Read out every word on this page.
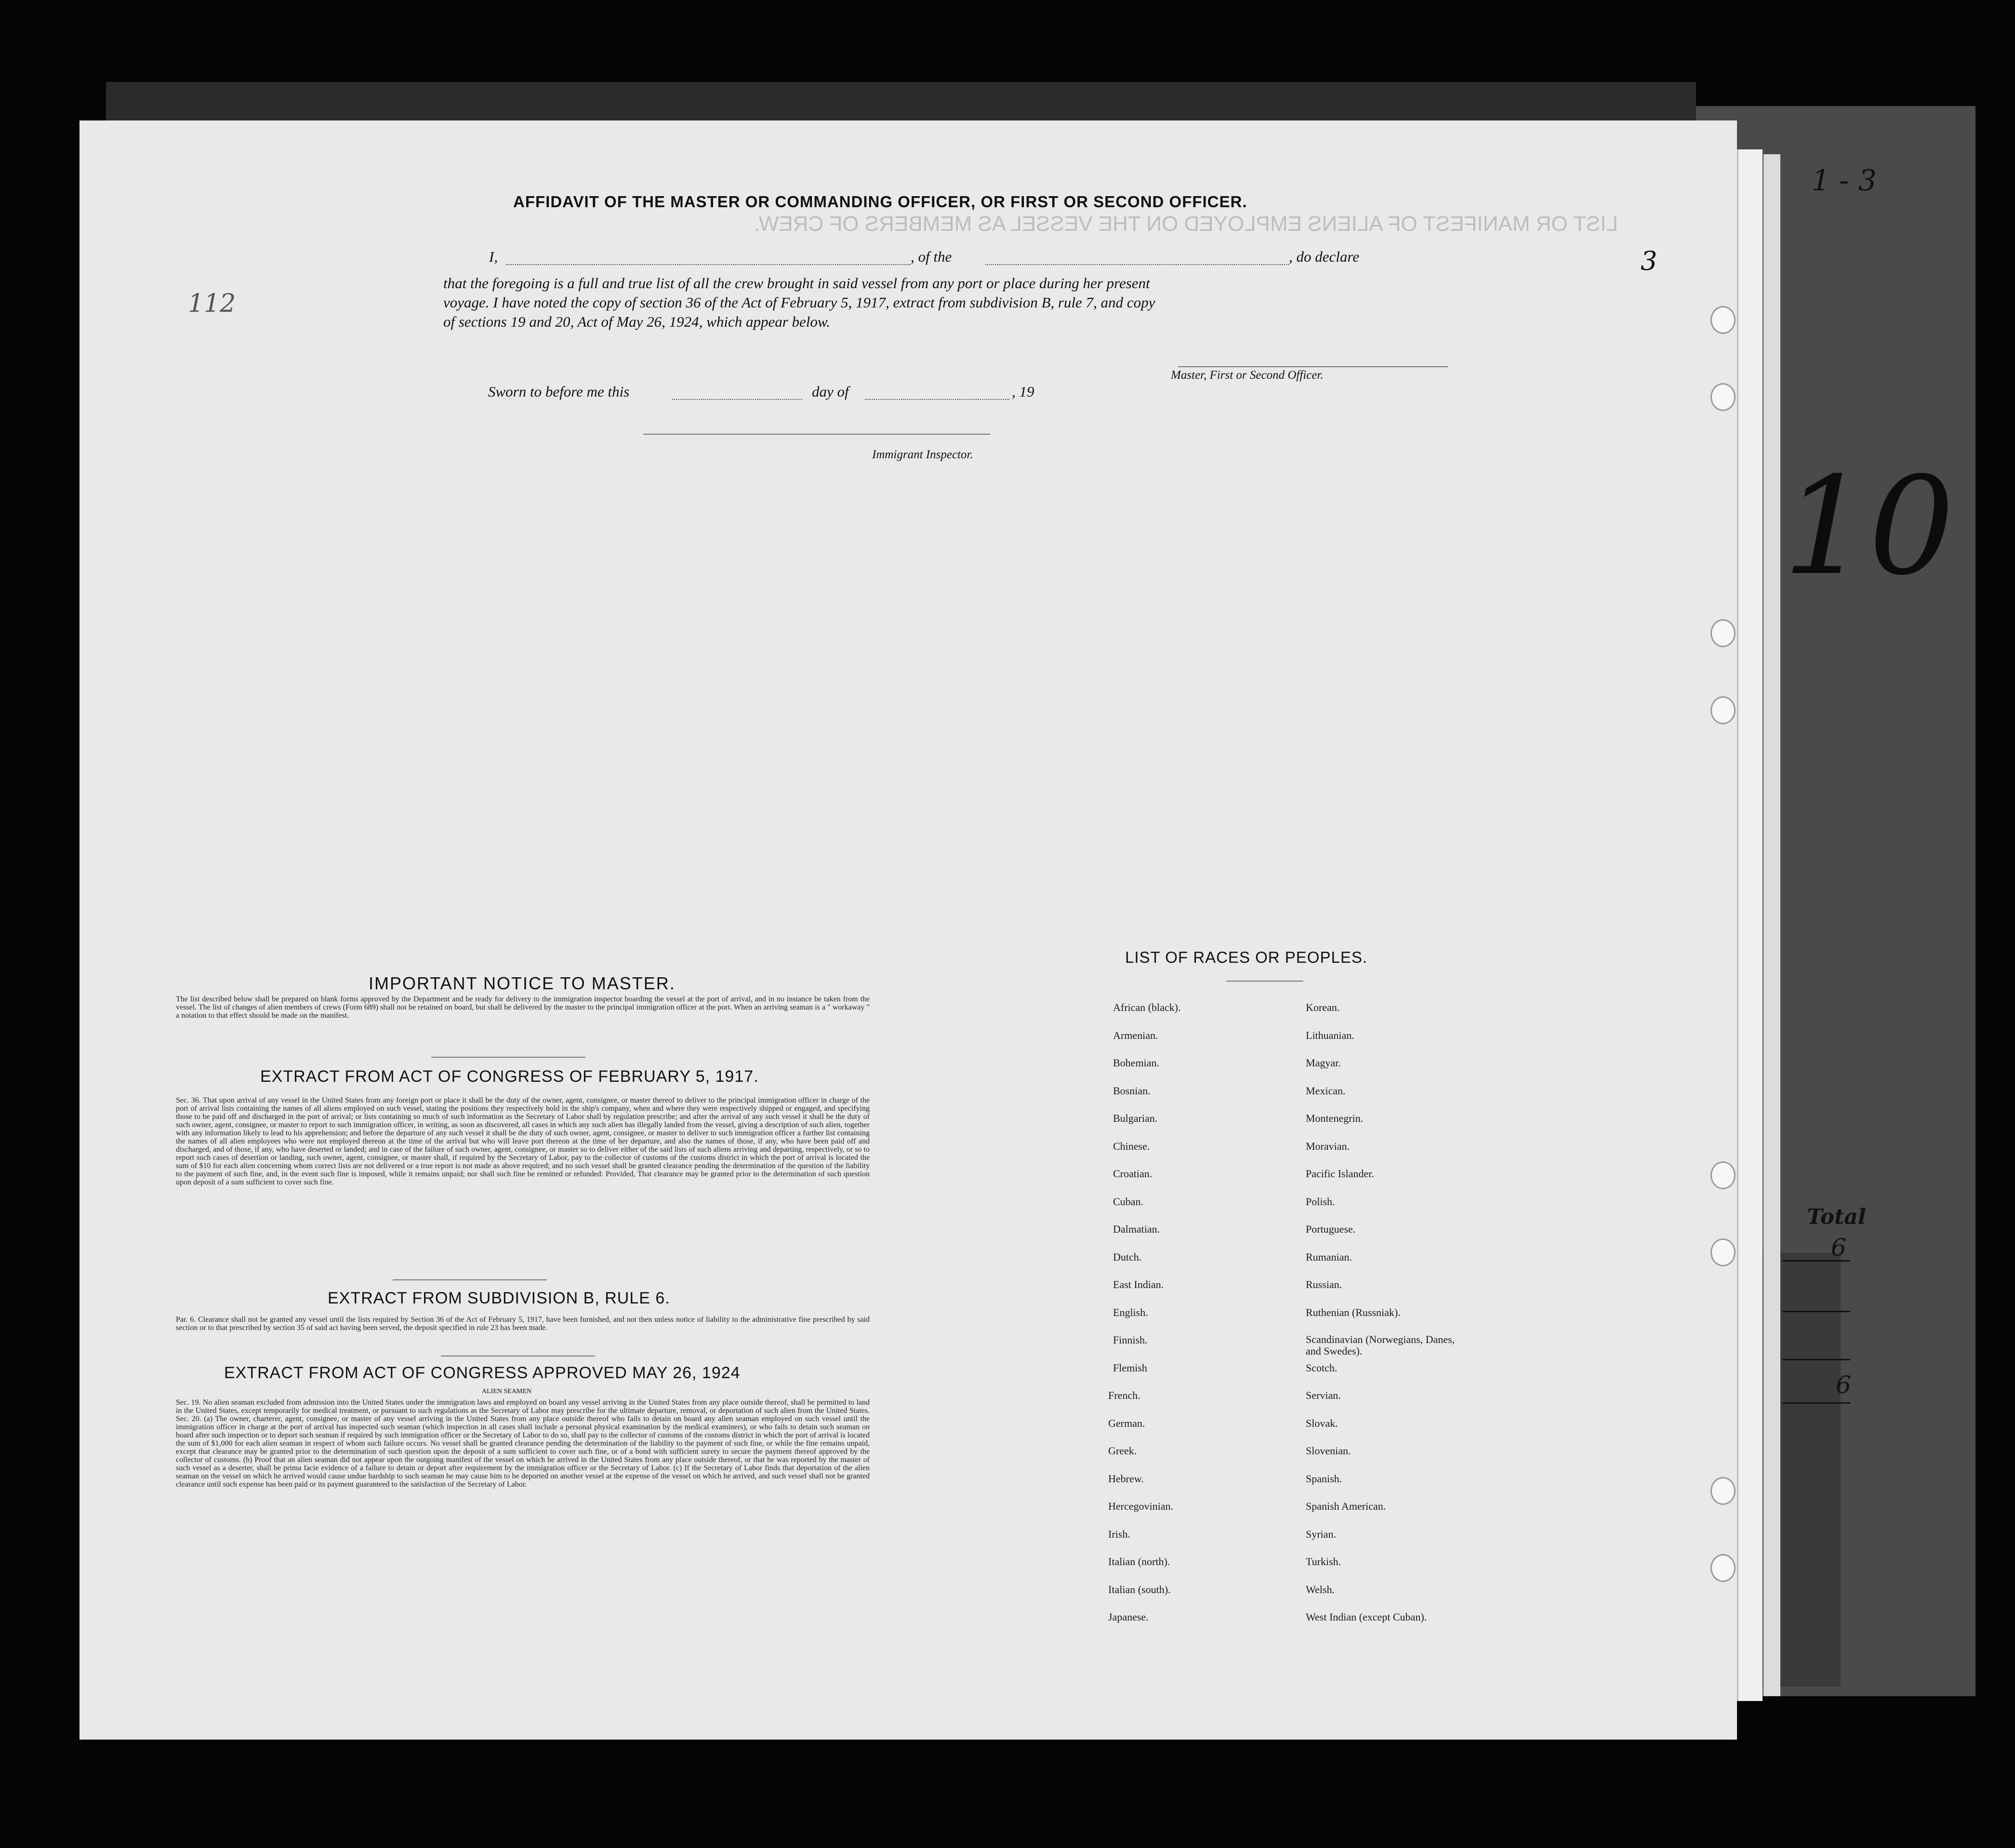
1 - 3
10
Total
6
6
LIST OR MANIFEST OF ALIENS EMPLOYED ON THE VESSEL AS MEMBERS OF CREW.
112
3
AFFIDAVIT OF THE MASTER OR COMMANDING OFFICER, OR FIRST OR SECOND OFFICER.
I,	, of the	, do declare
that the foregoing is a full and true list of all the crew brought in said vessel from any port or place during her present
voyage. I have noted the copy of section 36 of the Act of February 5, 1917, extract from subdivision B, rule 7, and copy
of sections 19 and 20, Act of May 26, 1924, which appear below.
Master, First or Second Officer.
Sworn to before me this	day of	, 19
Immigrant Inspector.
IMPORTANT NOTICE TO MASTER.
The list described below shall be prepared on blank forms approved by the Department and be ready for delivery to the immigration inspector boarding the vessel at the port of arrival, and in no instance be taken from the vessel. The list of changes of alien members of crews (Form 689) shall not be retained on board, but shall be delivered by the master to the principal immigration officer at the port. When an arriving seaman is a " workaway " a notation to that effect should be made on the manifest.
EXTRACT FROM ACT OF CONGRESS OF FEBRUARY 5, 1917.
Sec. 36. That upon arrival of any vessel in the United States from any foreign port or place it shall be the duty of the owner, agent, consignee, or master thereof to deliver to the principal immigration officer in charge of the port of arrival lists containing the names of all aliens employed on such vessel, stating the positions they respectively hold in the ship's company, when and where they were respectively shipped or engaged, and specifying those to be paid off and discharged in the port of arrival; or lists containing so much of such information as the Secretary of Labor shall by regulation prescribe; and after the arrival of any such vessel it shall be the duty of such owner, agent, consignee, or master to report to such immigration officer, in writing, as soon as discovered, all cases in which any such alien has illegally landed from the vessel, giving a description of such alien, together with any information likely to lead to his apprehension; and before the departure of any such vessel it shall be the duty of such owner, agent, consignee, or master to deliver to such immigration officer a further list containing the names of all alien employees who were not employed thereon at the time of the arrival but who will leave port thereon at the time of her departure, and also the names of those, if any, who have been paid off and discharged, and of those, if any, who have deserted or landed; and in case of the failure of such owner, agent, consignee, or master so to deliver either of the said lists of such aliens arriving and departing, respectively, or so to report such cases of desertion or landing, such owner, agent, consignee, or master shall, if required by the Secretary of Labor, pay to the collector of customs of the customs district in which the port of arrival is located the sum of $10 for each alien concerning whom correct lists are not delivered or a true report is not made as above required; and no such vessel shall be granted clearance pending the determination of the question of the liability to the payment of such fine, and, in the event such fine is imposed, while it remains unpaid; nor shall such fine be remitted or refunded: Provided, That clearance may be granted prior to the determination of such question upon deposit of a sum sufficient to cover such fine.
EXTRACT FROM SUBDIVISION B, RULE 6.
Par. 6. Clearance shall not be granted any vessel until the lists required by Section 36 of the Act of February 5, 1917, have been furnished, and not then unless notice of liability to the administrative fine prescribed by said section or to that prescribed by section 35 of said act having been served, the deposit specified in rule 23 has been made.
EXTRACT FROM ACT OF CONGRESS APPROVED MAY 26, 1924
ALIEN SEAMEN
Sec. 19. No alien seaman excluded from admission into the United States under the immigration laws and employed on board any vessel arriving in the United States from any place outside thereof, shall be permitted to land in the United States, except temporarily for medical treatment, or pursuant to such regulations as the Secretary of Labor may prescribe for the ultimate departure, removal, or deportation of such alien from the United States. Sec. 20. (a) The owner, charterer, agent, consignee, or master of any vessel arriving in the United States from any place outside thereof who fails to detain on board any alien seaman employed on such vessel until the immigration officer in charge at the port of arrival has inspected such seaman (which inspection in all cases shall include a personal physical examination by the medical examiners), or who fails to detain such seaman on board after such inspection or to deport such seaman if required by such immigration officer or the Secretary of Labor to do so, shall pay to the collector of customs of the customs district in which the port of arrival is located the sum of $1,000 for each alien seaman in respect of whom such failure occurs. No vessel shall be granted clearance pending the determination of the liability to the payment of such fine, or while the fine remains unpaid, except that clearance may be granted prior to the determination of such question upon the deposit of a sum sufficient to cover such fine, or of a bond with sufficient surety to secure the payment thereof approved by the collector of customs. (b) Proof that an alien seaman did not appear upon the outgoing manifest of the vessel on which he arrived in the United States from any place outside thereof, or that he was reported by the master of such vessel as a deserter, shall be prima facie evidence of a failure to detain or deport after requirement by the immigration officer or the Secretary of Labor. (c) If the Secretary of Labor finds that deportation of the alien seaman on the vessel on which he arrived would cause undue hardship to such seaman he may cause him to be deported on another vessel at the expense of the vessel on which he arrived, and such vessel shall not be granted clearance until such expense has been paid or its payment guaranteed to the satisfaction of the Secretary of Labor.
LIST OF RACES OR PEOPLES.
African (black).
Armenian.
Bohemian.
Bosnian.
Bulgarian.
Chinese.
Croatian.
Cuban.
Dalmatian.
Dutch.
East Indian.
English.
Finnish.
Flemish
French.
German.
Greek.
Hebrew.
Hercegovinian.
Irish.
Italian (north).
Italian (south).
Japanese.
Korean.
Lithuanian.
Magyar.
Mexican.
Montenegrin.
Moravian.
Pacific Islander.
Polish.
Portuguese.
Rumanian.
Russian.
Ruthenian (Russniak).
Scandinavian (Norwegians, Danes, and Swedes).
Scotch.
Servian.
Slovak.
Slovenian.
Spanish.
Spanish American.
Syrian.
Turkish.
Welsh.
West Indian (except Cuban).
